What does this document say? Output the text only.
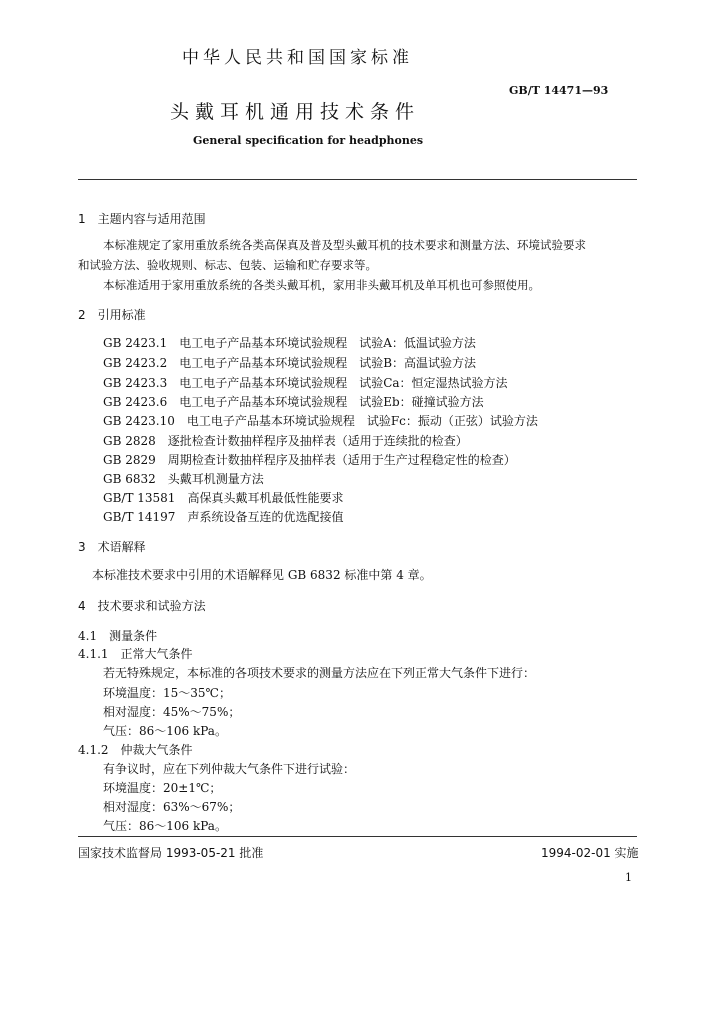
中华人民共和国国家标准
GB/T 14471—93
头戴耳机通用技术条件
General specification for headphones
1　主题内容与适用范围
本标准规定了家用重放系统各类高保真及普及型头戴耳机的技术要求和测量方法、环境试验要求
和试验方法、验收规则、标志、包装、运输和贮存要求等。
本标准适用于家用重放系统的各类头戴耳机，家用非头戴耳机及单耳机也可参照使用。
2　引用标准
GB 2423.1　电工电子产品基本环境试验规程　试验A：低温试验方法
GB 2423.2　电工电子产品基本环境试验规程　试验B：高温试验方法
GB 2423.3　电工电子产品基本环境试验规程　试验Ca：恒定湿热试验方法
GB 2423.6　电工电子产品基本环境试验规程　试验Eb：碰撞试验方法
GB 2423.10　电工电子产品基本环境试验规程　试验Fc：振动（正弦）试验方法
GB 2828　逐批检查计数抽样程序及抽样表（适用于连续批的检查）
GB 2829　周期检查计数抽样程序及抽样表（适用于生产过程稳定性的检查）
GB 6832　头戴耳机测量方法
GB/T 13581　高保真头戴耳机最低性能要求
GB/T 14197　声系统设备互连的优选配接值
3　术语解释
本标准技术要求中引用的术语解释见 GB 6832 标准中第 4 章。
4　技术要求和试验方法
4.1　测量条件
4.1.1　正常大气条件
若无特殊规定，本标准的各项技术要求的测量方法应在下列正常大气条件下进行：
环境温度：15～35℃；
相对湿度：45%～75%；
气压：86～106 kPa。
4.1.2　仲裁大气条件
有争议时，应在下列仲裁大气条件下进行试验：
环境温度：20±1℃；
相对湿度：63%～67%；
气压：86～106 kPa。
国家技术监督局 1993-05-21 批准	1994-02-01 实施
1
